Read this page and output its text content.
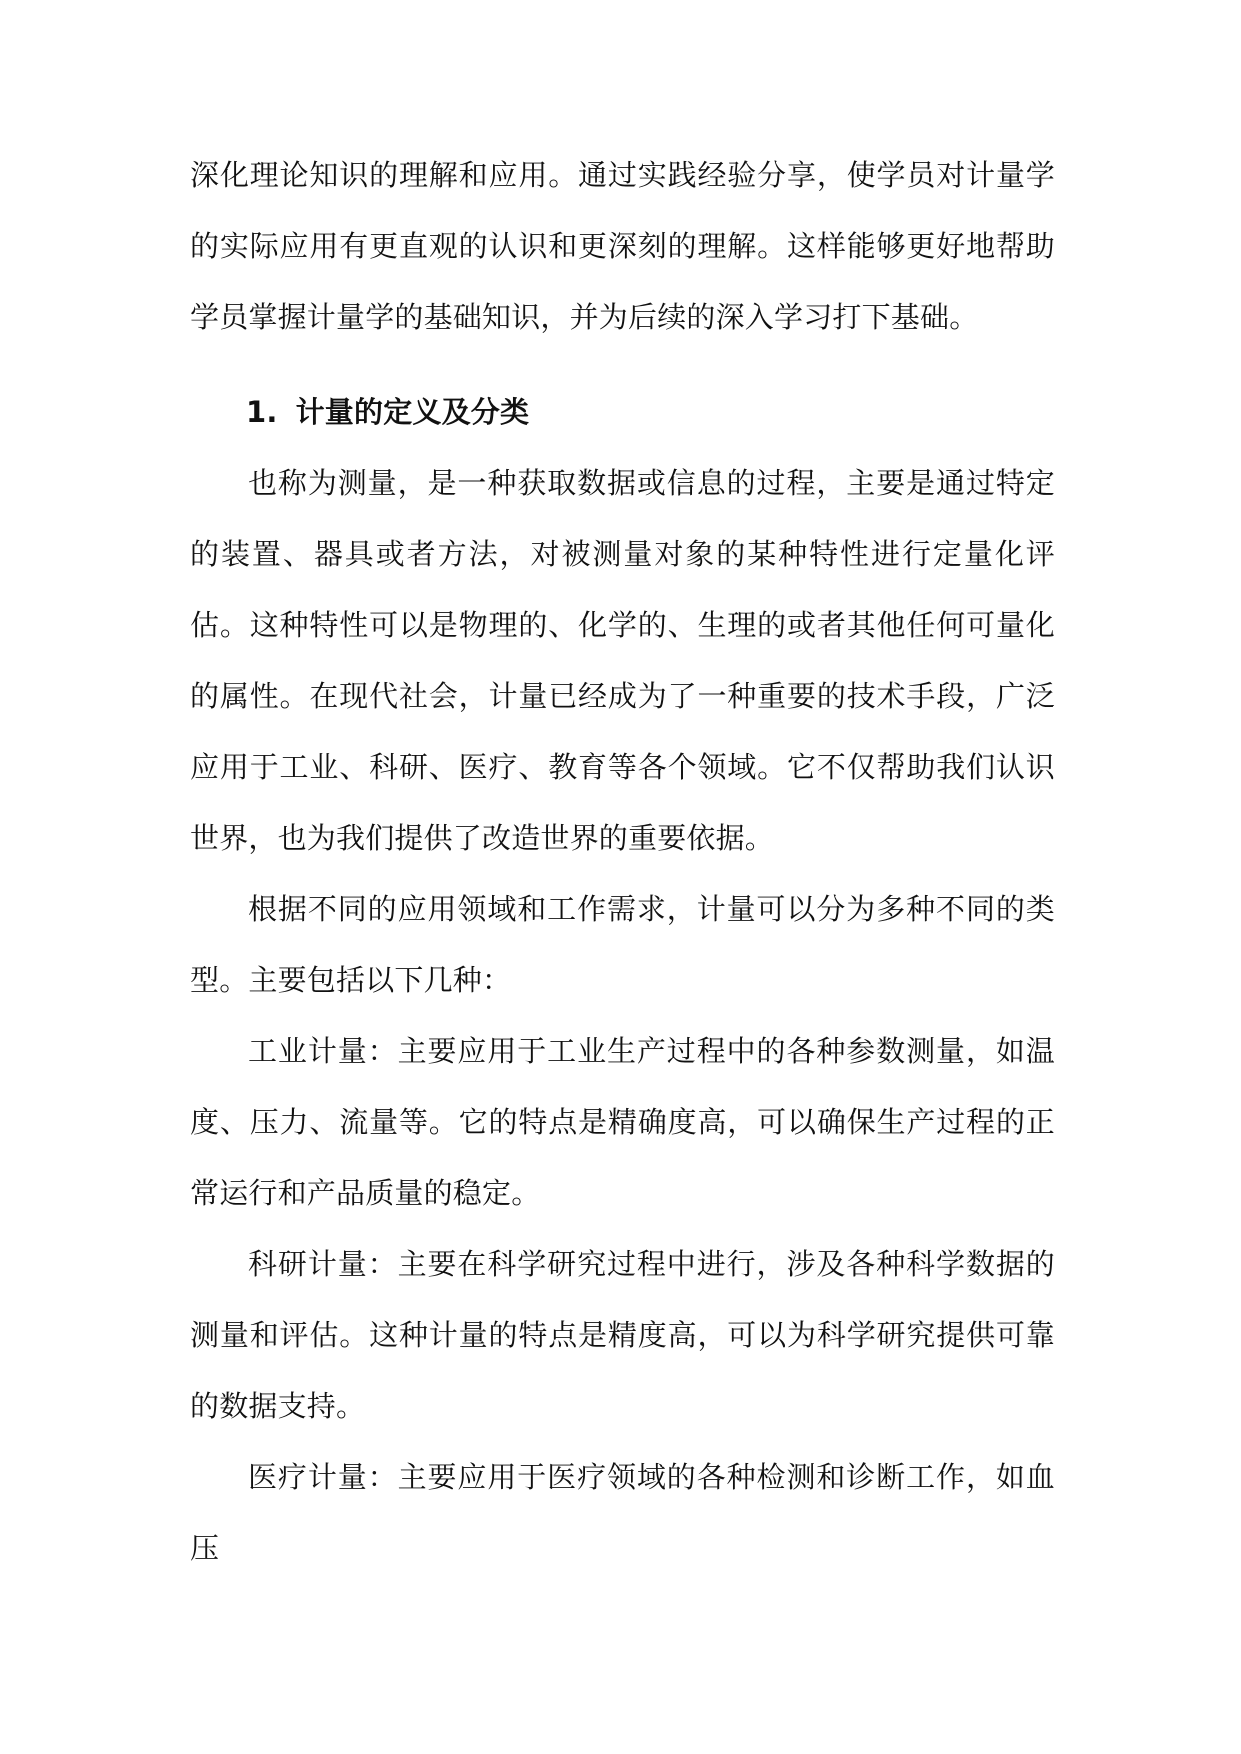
深化理论知识的理解和应用。通过实践经验分享，使学员对计量学的实际应用有更直观的认识和更深刻的理解。这样能够更好地帮助学员掌握计量学的基础知识，并为后续的深入学习打下基础。

1. 计量的定义及分类

也称为测量，是一种获取数据或信息的过程，主要是通过特定的装置、器具或者方法，对被测量对象的某种特性进行定量化评估。这种特性可以是物理的、化学的、生理的或者其他任何可量化的属性。在现代社会，计量已经成为了一种重要的技术手段，广泛应用于工业、科研、医疗、教育等各个领域。它不仅帮助我们认识世界，也为我们提供了改造世界的重要依据。

根据不同的应用领域和工作需求，计量可以分为多种不同的类型。主要包括以下几种：

工业计量：主要应用于工业生产过程中的各种参数测量，如温度、压力、流量等。它的特点是精确度高，可以确保生产过程的正常运行和产品质量的稳定。

科研计量：主要在科学研究过程中进行，涉及各种科学数据的测量和评估。这种计量的特点是精度高，可以为科学研究提供可靠的数据支持。

医疗计量：主要应用于医疗领域的各种检测和诊断工作，如血压
